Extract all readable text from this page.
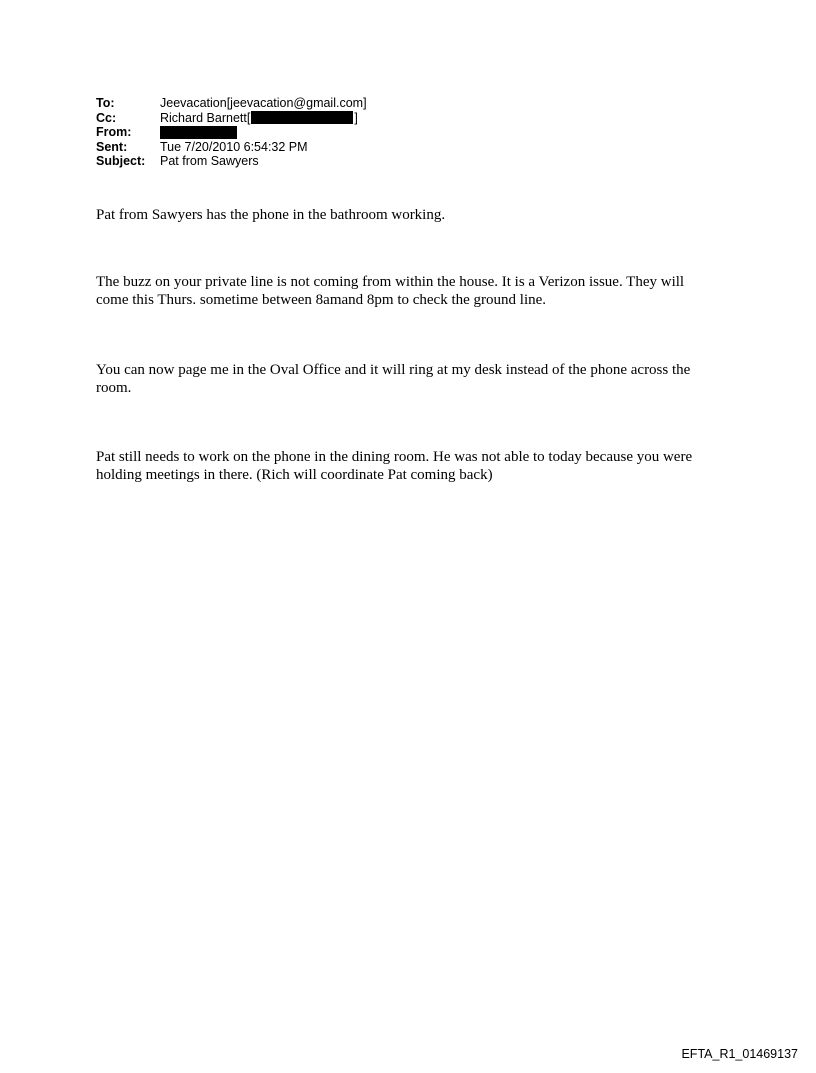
To:	Jeevacation[jeevacation@gmail.com]
Cc:	Richard Barnett[	]
From:
Sent:	Tue 7/20/2010 6:54:32 PM
Subject:	Pat from Sawyers

Pat from Sawyers has the phone in the bathroom working.

The buzz on your private line is not coming from within the house. It is a Verizon issue. They will come this Thurs. sometime between 8amand 8pm to check the ground line.

You can now page me in the Oval Office and it will ring at my desk instead of the phone across the room.

Pat still needs to work on the phone in the dining room. He was not able to today because you were holding meetings in there. (Rich will coordinate Pat coming back)

EFTA_R1_01469137
